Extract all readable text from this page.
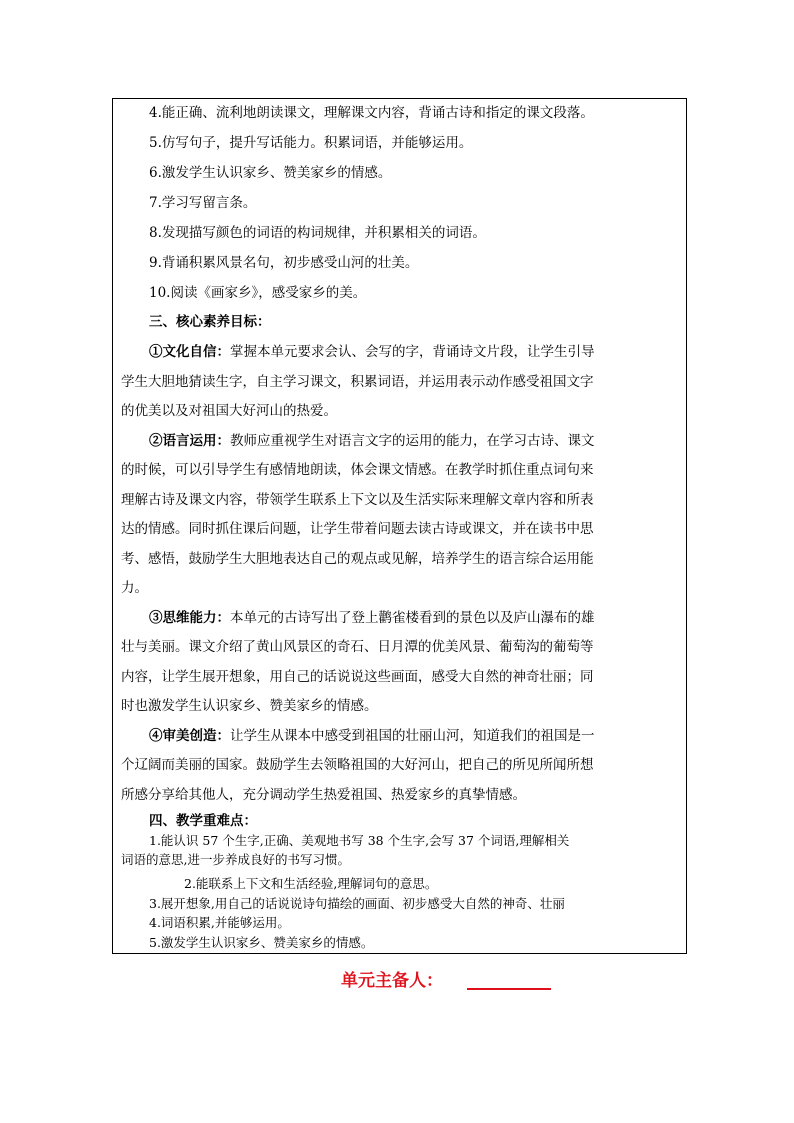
4.能正确、流利地朗读课文，理解课文内容，背诵古诗和指定的课文段落。
5.仿写句子，提升写话能力。积累词语，并能够运用。
6.激发学生认识家乡、赞美家乡的情感。
7.学习写留言条。
8.发现描写颜色的词语的构词规律，并积累相关的词语。
9.背诵积累风景名句，初步感受山河的壮美。
10.阅读《画家乡》，感受家乡的美。
三、核心素养目标：
①文化自信：掌握本单元要求会认、会写的字，背诵诗文片段，让学生引导
学生大胆地猜读生字，自主学习课文，积累词语，并运用表示动作感受祖国文字
的优美以及对祖国大好河山的热爱。
②语言运用：教师应重视学生对语言文字的运用的能力，在学习古诗、课文
的时候，可以引导学生有感情地朗读，体会课文情感。在教学时抓住重点词句来
理解古诗及课文内容，带领学生联系上下文以及生活实际来理解文章内容和所表
达的情感。同时抓住课后问题，让学生带着问题去读古诗或课文，并在读书中思
考、感悟，鼓励学生大胆地表达自己的观点或见解，培养学生的语言综合运用能
力。
③思维能力：本单元的古诗写出了登上鹳雀楼看到的景色以及庐山瀑布的雄
壮与美丽。课文介绍了黄山风景区的奇石、日月潭的优美风景、葡萄沟的葡萄等
内容，让学生展开想象，用自己的话说说这些画面，感受大自然的神奇壮丽；同
时也激发学生认识家乡、赞美家乡的情感。
④审美创造：让学生从课本中感受到祖国的壮丽山河，知道我们的祖国是一
个辽阔而美丽的国家。鼓励学生去领略祖国的大好河山，把自己的所见所闻所想
所感分享给其他人，充分调动学生热爱祖国、热爱家乡的真挚情感。
四、教学重难点：
1.能认识 57 个生字,正确、美观地书写 38 个生字,会写 37 个词语,理解相关
词语的意思,进一步养成良好的书写习惯。
2.能联系上下文和生活经验,理解词句的意思。
3.展开想象,用自己的话说说诗句描绘的画面、初步感受大自然的神奇、壮丽
4.词语积累,并能够运用。
5.激发学生认识家乡、赞美家乡的情感。
单元主备人：
